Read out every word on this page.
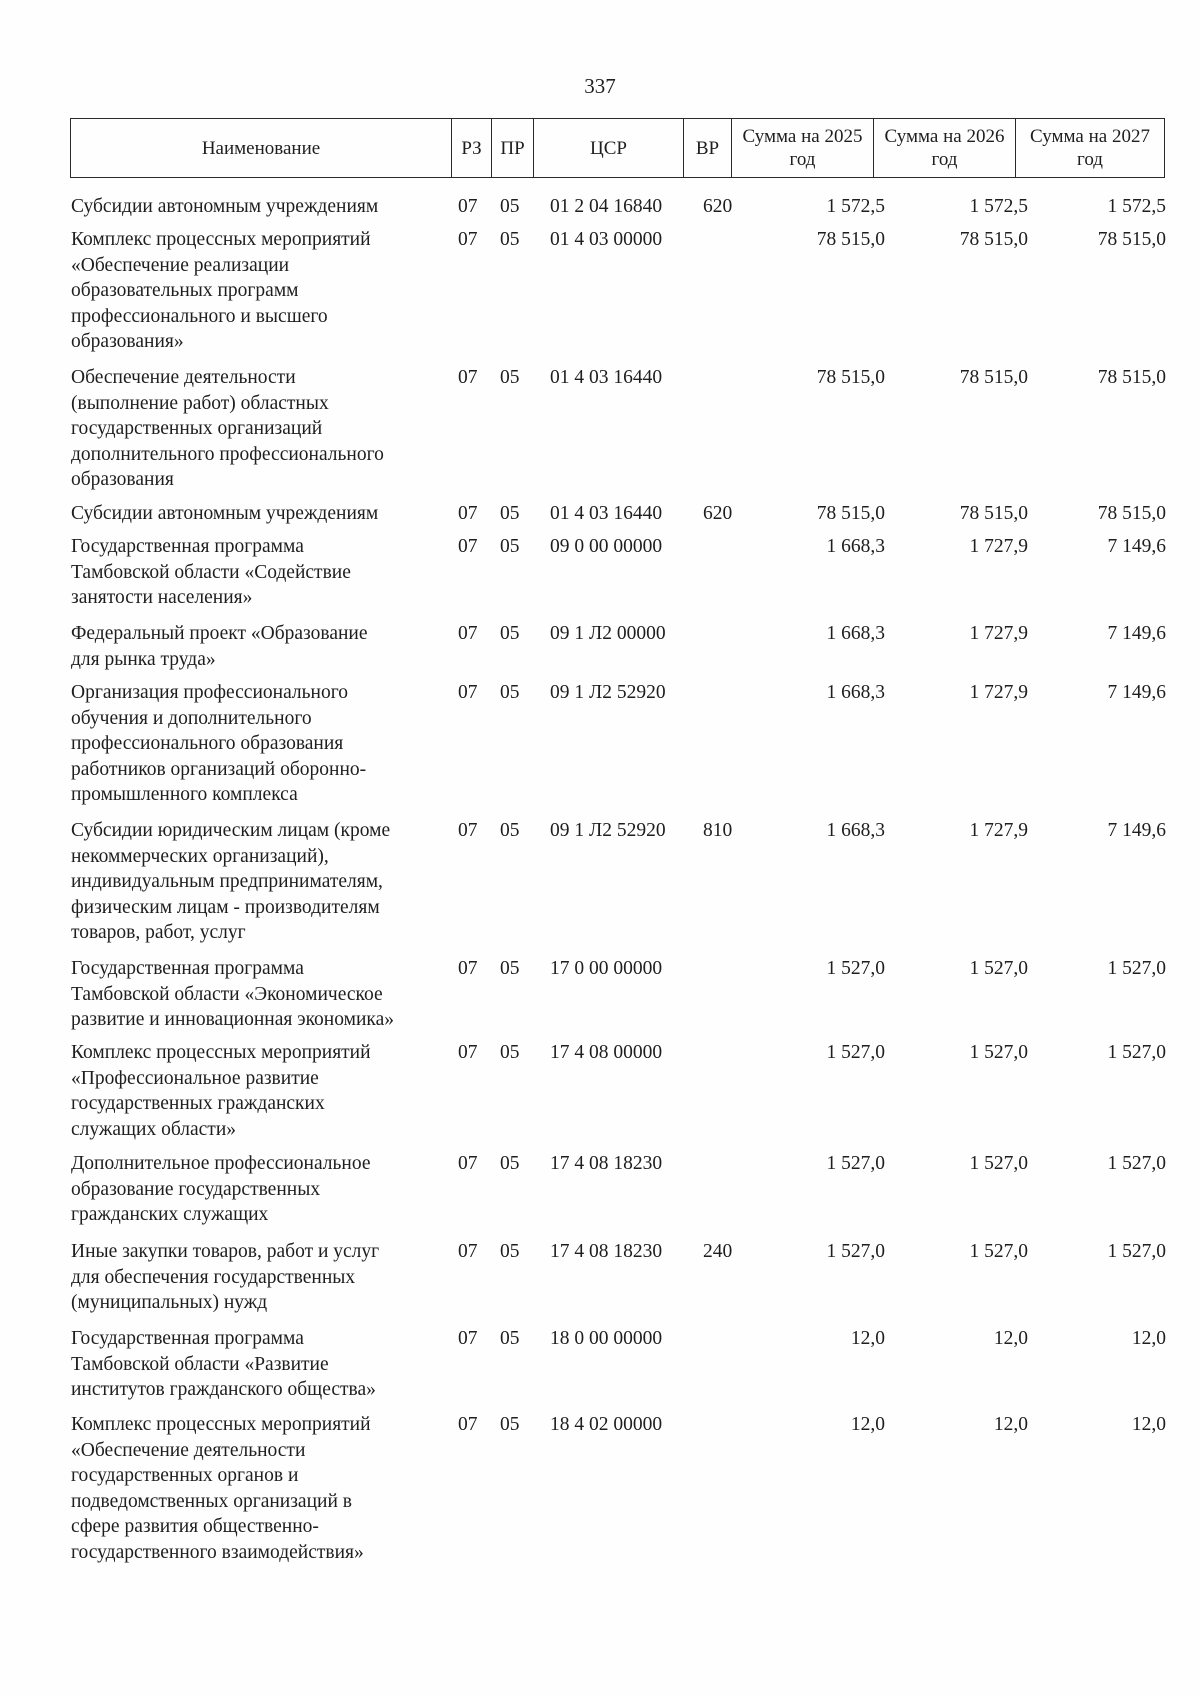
337
Наименование	РЗ	ПР	ЦСР	ВР	Сумма на 2025 год	Сумма на 2026 год	Сумма на 2027 год
Субсидии автономным учреждениям	07 05 01 2 04 16840 620	1 572,5	1 572,5	1 572,5
Комплекс процессных мероприятий
«Обеспечение реализации
образовательных программ
профессионального и высшего
образования»
07 05 01 4 03 00000	78 515,0	78 515,0	78 515,0
Обеспечение деятельности
(выполнение работ) областных
государственных организаций
дополнительного профессионального
образования
07 05 01 4 03 16440	78 515,0	78 515,0	78 515,0
Субсидии автономным учреждениям	07 05 01 4 03 16440 620	78 515,0	78 515,0	78 515,0
Государственная программа
Тамбовской области «Содействие
занятости населения»
07 05 09 0 00 00000	1 668,3	1 727,9	7 149,6
Федеральный проект «Образование
для рынка труда»
07 05 09 1 Л2 00000	1 668,3	1 727,9	7 149,6
Организация профессионального
обучения и дополнительного
профессионального образования
работников организаций оборонно-
промышленного комплекса
07 05 09 1 Л2 52920	1 668,3	1 727,9	7 149,6
Субсидии юридическим лицам (кроме
некоммерческих организаций),
индивидуальным предпринимателям,
физическим лицам - производителям
товаров, работ, услуг
07 05 09 1 Л2 52920 810	1 668,3	1 727,9	7 149,6
Государственная программа
Тамбовской области «Экономическое
развитие и инновационная экономика»
07 05 17 0 00 00000	1 527,0	1 527,0	1 527,0
Комплекс процессных мероприятий
«Профессиональное развитие
государственных гражданских
служащих области»
07 05 17 4 08 00000	1 527,0	1 527,0	1 527,0
Дополнительное профессиональное
образование государственных
гражданских служащих
07 05 17 4 08 18230	1 527,0	1 527,0	1 527,0
Иные закупки товаров, работ и услуг
для обеспечения государственных
(муниципальных) нужд
07 05 17 4 08 18230 240	1 527,0	1 527,0	1 527,0
Государственная программа
Тамбовской области «Развитие
институтов гражданского общества»
07 05 18 0 00 00000	12,0	12,0	12,0
Комплекс процессных мероприятий
«Обеспечение деятельности
государственных органов и
подведомственных организаций в
сфере развития общественно-
государственного взаимодействия»
07 05 18 4 02 00000	12,0	12,0	12,0
